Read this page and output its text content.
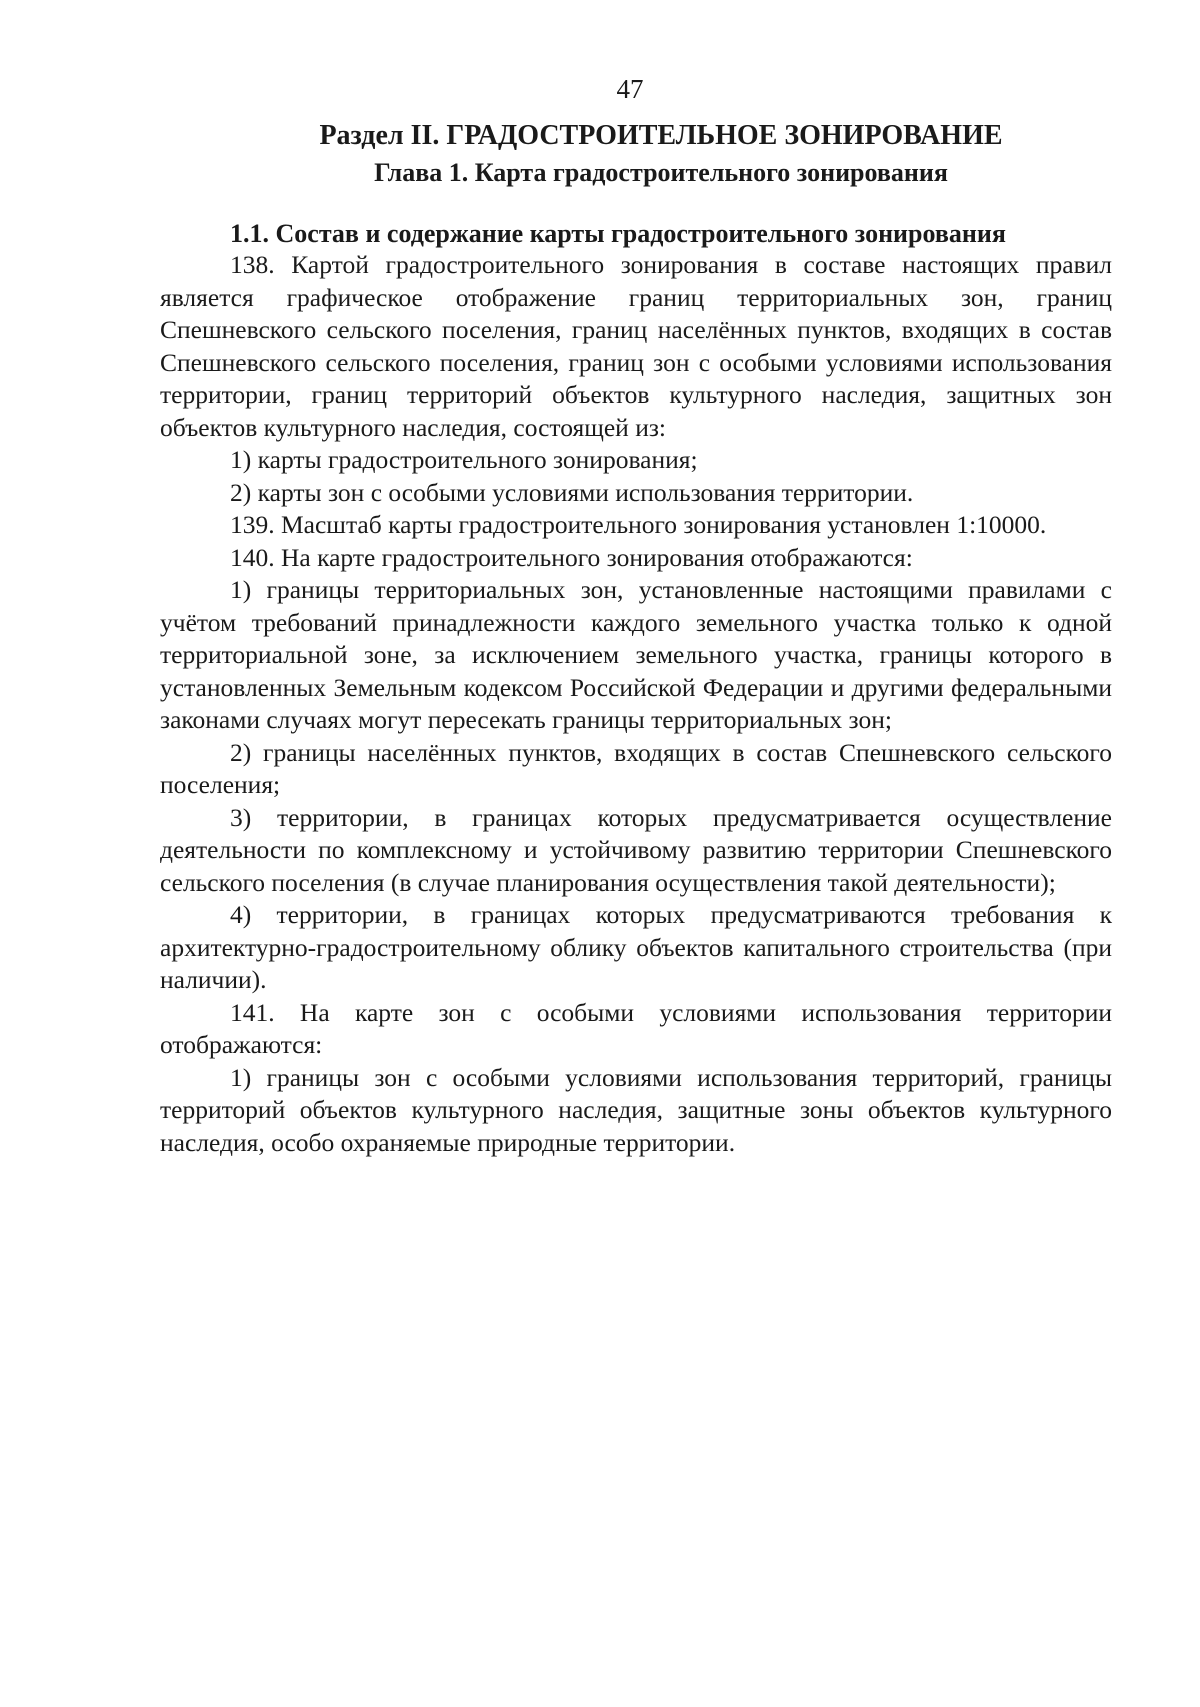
47
Раздел II. ГРАДОСТРОИТЕЛЬНОЕ ЗОНИРОВАНИЕ
Глава 1. Карта градостроительного зонирования
1.1. Состав и содержание карты градостроительного зонирования

138. Картой градостроительного зонирования в составе настоящих правил является графическое отображение границ территориальных зон, границ Спешневского сельского поселения, границ населённых пунктов, входящих в состав Спешневского сельского поселения, границ зон с особыми условиями использования территории, границ территорий объектов культурного наследия, защитных зон объектов культурного наследия, состоящей из:

1) карты градостроительного зонирования;

2) карты зон с особыми условиями использования территории.

139. Масштаб карты градостроительного зонирования установлен 1:10000.

140. На карте градостроительного зонирования отображаются:

1) границы территориальных зон, установленные настоящими правилами с учётом требований принадлежности каждого земельного участка только к одной территориальной зоне, за исключением земельного участка, границы которого в установленных Земельным кодексом Российской Федерации и другими федеральными законами случаях могут пересекать границы территориальных зон;

2) границы населённых пунктов, входящих в состав Спешневского сельского поселения;

3) территории, в границах которых предусматривается осуществление деятельности по комплексному и устойчивому развитию территории Спешневского сельского поселения (в случае планирования осуществления такой деятельности);

4) территории, в границах которых предусматриваются требования к архитектурно-градостроительному облику объектов капитального строительства (при наличии).

141. На карте зон с особыми условиями использования территории отображаются:

1) границы зон с особыми условиями использования территорий, границы территорий объектов культурного наследия, защитные зоны объектов культурного наследия, особо охраняемые природные территории.
